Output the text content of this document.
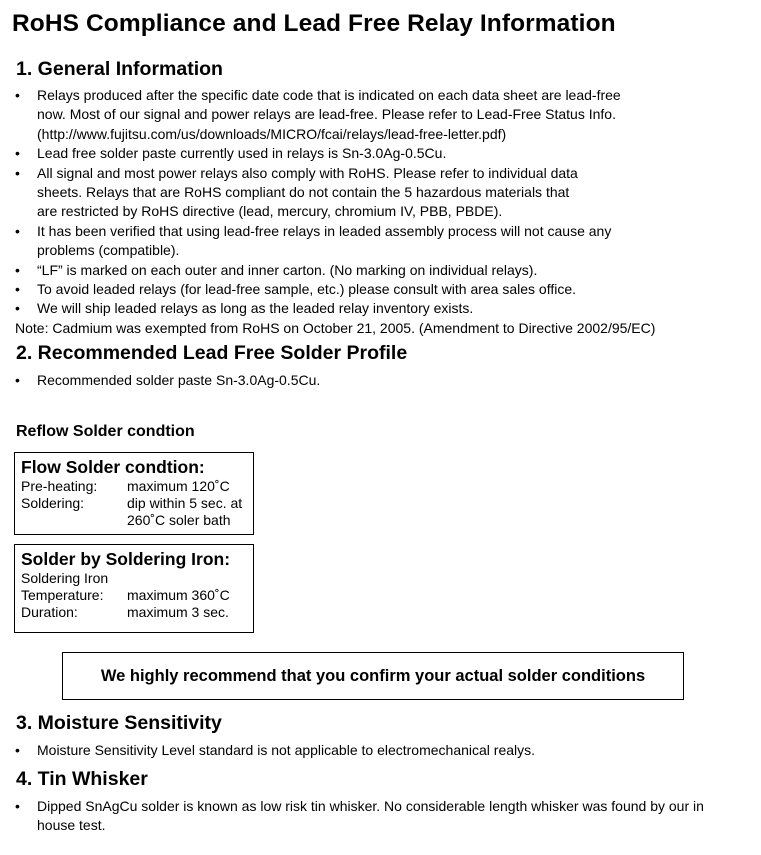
RoHS Compliance and Lead Free Relay Information
1. General Information
• Relays produced after the specific date code that is indicated on each data sheet are lead-free
now. Most of our signal and power relays are lead-free. Please refer to Lead-Free Status Info.
(http://www.fujitsu.com/us/downloads/MICRO/fcai/relays/lead-free-letter.pdf)
• Lead free solder paste currently used in relays is Sn-3.0Ag-0.5Cu.
• All signal and most power relays also comply with RoHS. Please refer to individual data
sheets. Relays that are RoHS compliant do not contain the 5 hazardous materials that
are restricted by RoHS directive (lead, mercury, chromium IV, PBB, PBDE).
• It has been verified that using lead-free relays in leaded assembly process will not cause any
problems (compatible).
• “LF” is marked on each outer and inner carton. (No marking on individual relays).
• To avoid leaded relays (for lead-free sample, etc.) please consult with area sales office.
• We will ship leaded relays as long as the leaded relay inventory exists.
Note: Cadmium was exempted from RoHS on October 21, 2005. (Amendment to Directive 2002/95/EC)
2. Recommended Lead Free Solder Profile
• Recommended solder paste Sn-3.0Ag-0.5Cu.
Reflow Solder condtion
Flow Solder condtion:
Pre-heating:	maximum 120˚C
Soldering:	dip within 5 sec. at
260˚C soler bath
Solder by Soldering Iron:
Soldering Iron
Temperature:	maximum 360˚C
Duration:	maximum 3 sec.
We highly recommend that you confirm your actual solder conditions
3. Moisture Sensitivity
• Moisture Sensitivity Level standard is not applicable to electromechanical realys.
4. Tin Whisker
• Dipped SnAgCu solder is known as low risk tin whisker. No considerable length whisker was found by our in
house test.
